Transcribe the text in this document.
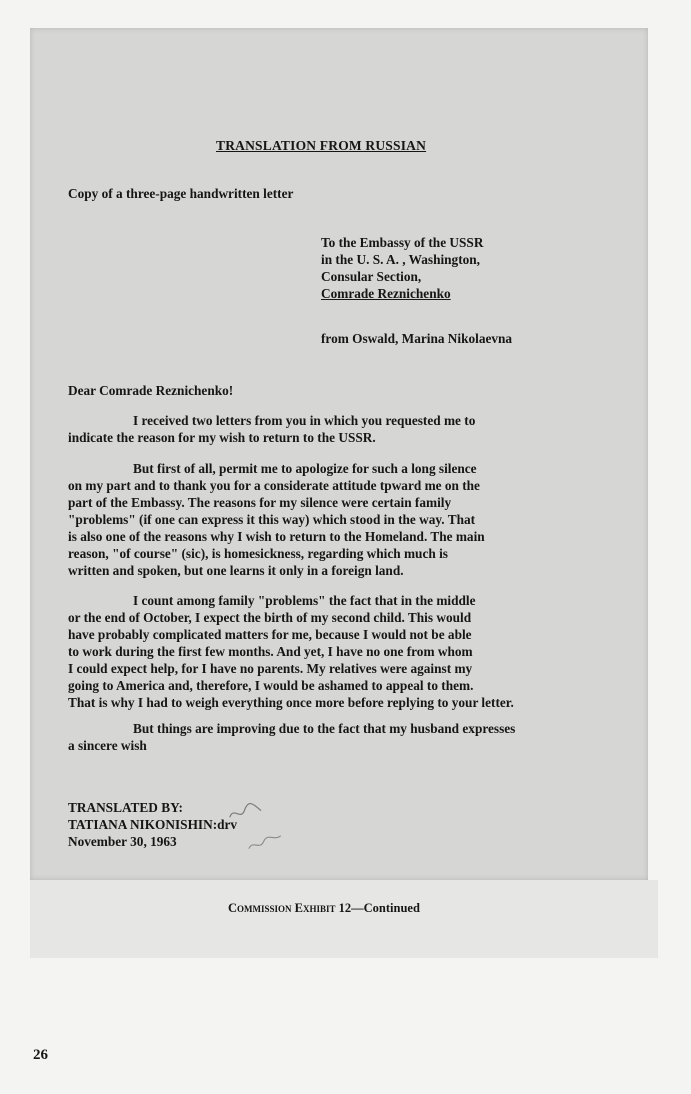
TRANSLATION FROM RUSSIAN
Copy of a three-page handwritten letter
To the Embassy of the USSR
in the U. S. A. , Washington,
Consular Section,
Comrade Reznichenko
from Oswald, Marina Nikolaevna
Dear Comrade Reznichenko!
I received two letters from you in which you requested me to
indicate the reason for my wish to return to the USSR.
But first of all, permit me to apologize for such a long silence
on my part and to thank you for a considerate attitude tpward me on the
part of the Embassy. The reasons for my silence were certain family
"problems" (if one can express it this way) which stood in the way. That
is also one of the reasons why I wish to return to the Homeland. The main
reason, "of course" (sic), is homesickness, regarding which much is
written and spoken, but one learns it only in a foreign land.
I count among family "problems" the fact that in the middle
or the end of October, I expect the birth of my second child. This would
have probably complicated matters for me, because I would not be able
to work during the first few months. And yet, I have no one from whom
I could expect help, for I have no parents. My relatives were against my
going to America and, therefore, I would be ashamed to appeal to them.
That is why I had to weigh everything once more before replying to your letter.
But things are improving due to the fact that my husband expresses
a sincere wish
TRANSLATED BY:
TATIANA NIKONISHIN:drv
November 30, 1963
Commission Exhibit 12—Continued
26
